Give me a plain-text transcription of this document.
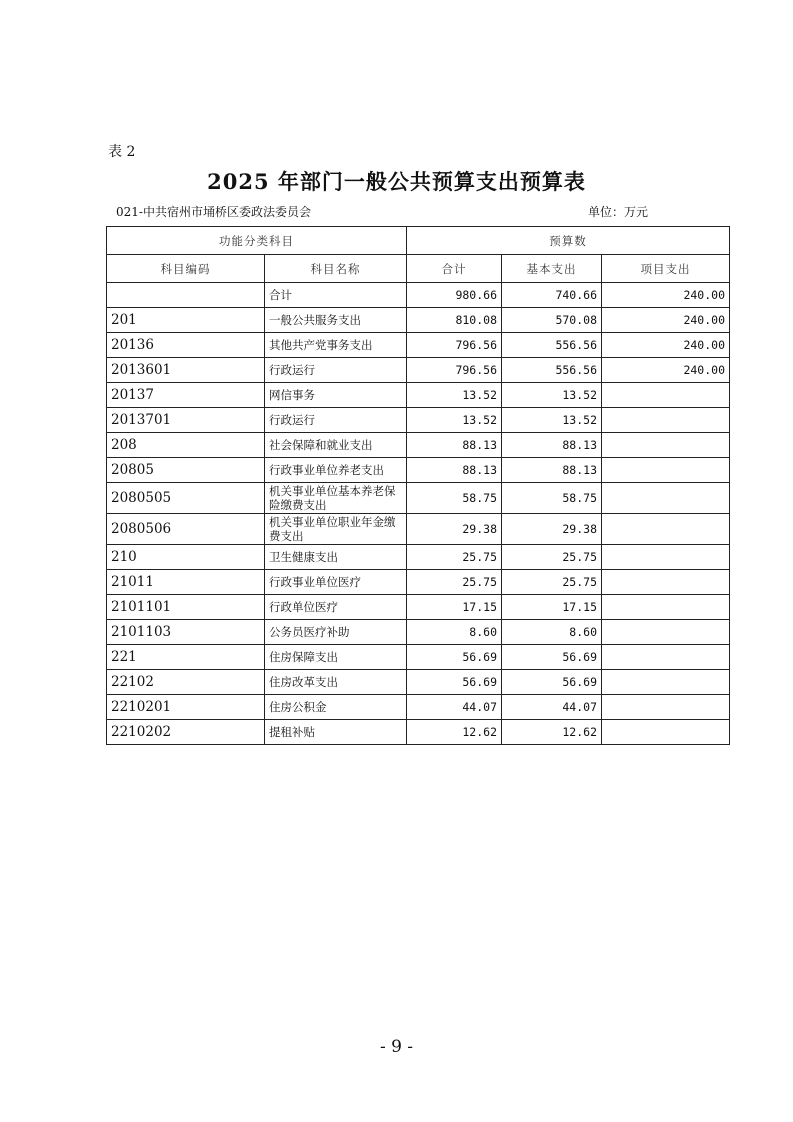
表 2
2025 年部门一般公共预算支出预算表
021-中共宿州市埇桥区委政法委员会	单位：万元
功能分类科目		预算数		
科目编码	科目名称	合计	基本支出	项目支出
	合计	980.66	740.66	240.00
201	一般公共服务支出	810.08	570.08	240.00
20136	其他共产党事务支出	796.56	556.56	240.00
2013601	行政运行	796.56	556.56	240.00
20137	网信事务	13.52	13.52	
2013701	行政运行	13.52	13.52	
208	社会保障和就业支出	88.13	88.13	
20805	行政事业单位养老支出	88.13	88.13	
2080505	机关事业单位基本养老保险缴费支出	58.75	58.75	
2080506	机关事业单位职业年金缴费支出	29.38	29.38	
210	卫生健康支出	25.75	25.75	
21011	行政事业单位医疗	25.75	25.75	
2101101	行政单位医疗	17.15	17.15	
2101103	公务员医疗补助	8.60	8.60	
221	住房保障支出	56.69	56.69	
22102	住房改革支出	56.69	56.69	
2210201	住房公积金	44.07	44.07	
2210202	提租补贴	12.62	12.62	
- 9 -
